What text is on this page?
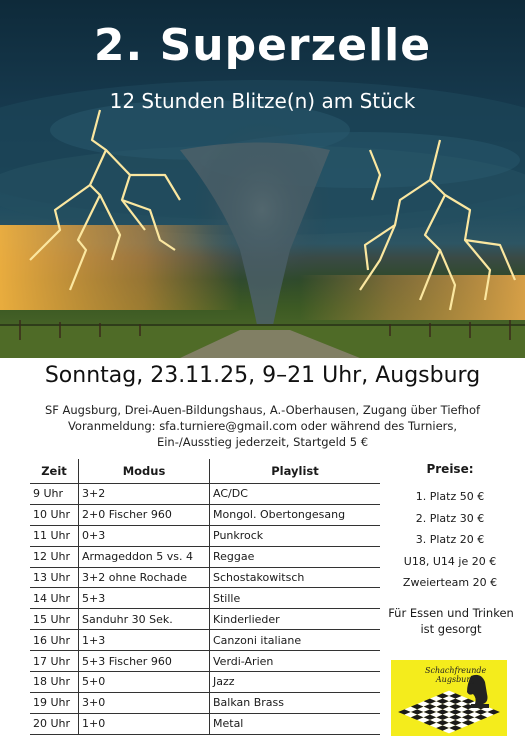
2. Superzelle
12 Stunden Blitze(n) am Stück
Sonntag, 23.11.25, 9–21 Uhr, Augsburg
SF Augsburg, Drei-Auen-Bildungshaus, A.-Oberhausen, Zugang über Tiefhof
Voranmeldung: sfa.turniere@gmail.com oder während des Turniers,
Ein-/Ausstieg jederzeit, Startgeld 5 €
Zeit	Modus	Playlist
9 Uhr	3+2	AC/DC
10 Uhr	2+0 Fischer 960	Mongol. Obertongesang
11 Uhr	0+3	Punkrock
12 Uhr	Armageddon 5 vs. 4	Reggae
13 Uhr	3+2 ohne Rochade	Schostakowitsch
14 Uhr	5+3	Stille
15 Uhr	Sanduhr 30 Sek.	Kinderlieder
16 Uhr	1+3	Canzoni italiane
17 Uhr	5+3 Fischer 960	Verdi-Arien
18 Uhr	5+0	Jazz
19 Uhr	3+0	Balkan Brass
20 Uhr	1+0	Metal
Preise:
1. Platz 50 €
2. Platz 30 €
3. Platz 20 €
U18, U14 je 20 €
Zweierteam 20 €
Für Essen und Trinken
ist gesorgt
Schachfreunde
Augsburg
